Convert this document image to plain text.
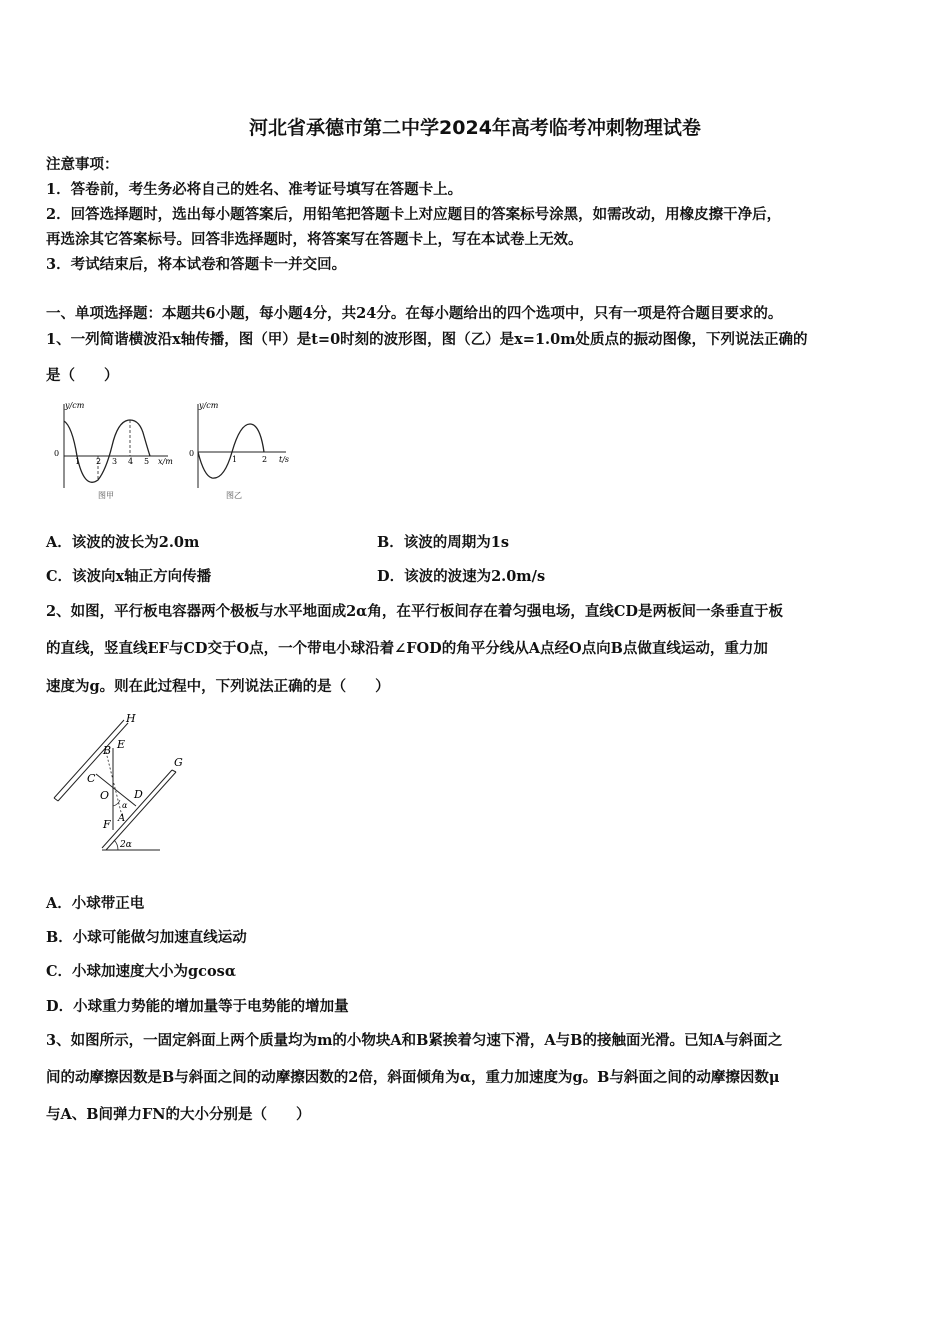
河北省承德市第二中学2024年高考临考冲刺物理试卷
注意事项：
1．答卷前，考生务必将自己的姓名、准考证号填写在答题卡上。
2．回答选择题时，选出每小题答案后，用铅笔把答题卡上对应题目的答案标号涂黑，如需改动，用橡皮擦干净后，
再选涂其它答案标号。回答非选择题时，将答案写在答题卡上，写在本试卷上无效。
3．考试结束后，将本试卷和答题卡一并交回。
一、单项选择题：本题共6小题，每小题4分，共24分。在每小题给出的四个选项中，只有一项是符合题目要求的。
1、一列简谐横波沿x轴传播，图（甲）是t=0时刻的波形图，图（乙）是x=1.0m处质点的振动图像，下列说法正确的
是（　　）
y/cm
0
1 2 3 4 5 x/m
图甲
y/cm
0
1	2 t/s
图乙
A．该波的波长为2.0m	B．该波的周期为1s
C．该波向x轴正方向传播	D．该波的波速为2.0m/s
2、如图，平行板电容器两个极板与水平地面成2α角，在平行板间存在着匀强电场，直线CD是两板间一条垂直于板
的直线，竖直线EF与CD交于O点，一个带电小球沿着∠FOD的角平分线从A点经O点向B点做直线运动，重力加
速度为g。则在此过程中，下列说法正确的是（　　）
H
G
B E
C
O D
F A
α
2α
A．小球带正电
B．小球可能做匀加速直线运动
C．小球加速度大小为gcosα
D．小球重力势能的增加量等于电势能的增加量
3、如图所示，一固定斜面上两个质量均为m的小物块A和B紧挨着匀速下滑，A与B的接触面光滑。已知A与斜面之
间的动摩擦因数是B与斜面之间的动摩擦因数的2倍，斜面倾角为α，重力加速度为g。B与斜面之间的动摩擦因数μ
与A、B间弹力FN的大小分别是（　　）
